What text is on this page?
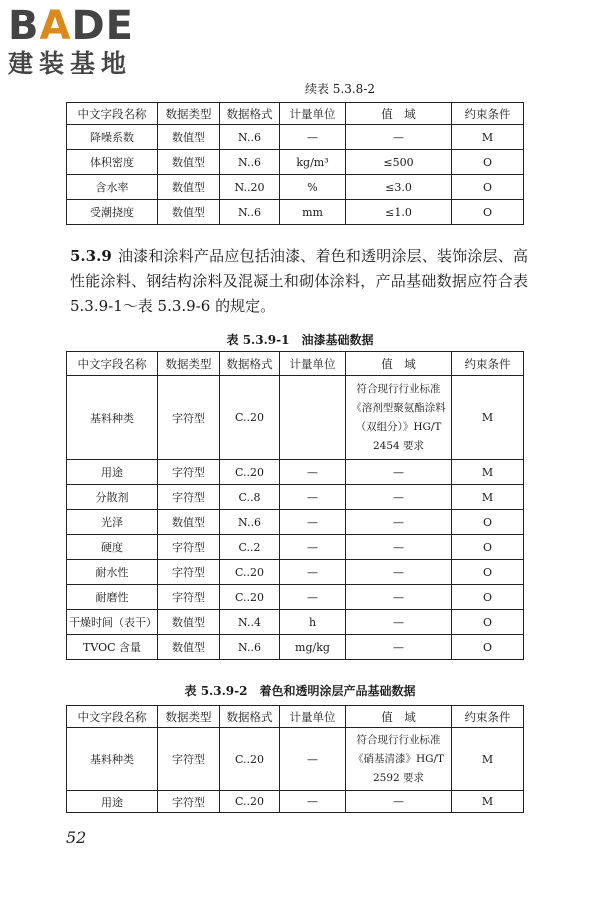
BADE
建装基地
续表 5.3.8-2
中文字段名称	数据类型	数据格式	计量单位	值　域	约束条件
降噪系数	数值型	N..6	—	—	M
体积密度	数值型	N..6	kg/m³	≤500	O
含水率	数值型	N..20	%	≤3.0	O
受潮挠度	数值型	N..6	mm	≤1.0	O
5.3.9 油漆和涂料产品应包括油漆、着色和透明涂层、装饰涂层、高性能涂料、钢结构涂料及混凝土和砌体涂料，产品基础数据应符合表 5.3.9-1～表 5.3.9-6 的规定。
表 5.3.9-1　油漆基础数据
中文字段名称	数据类型	数据格式	计量单位	值　域	约束条件
基料种类	字符型	C..20		符合现行行业标准
《溶剂型聚氨酯涂料
（双组分）》HG/T
2454 要求	M
用途	字符型	C..20	—	—	M
分散剂	字符型	C..8	—	—	M
光泽	数值型	N..6	—	—	O
硬度	字符型	C..2	—	—	O
耐水性	字符型	C..20	—	—	O
耐磨性	字符型	C..20	—	—	O
干燥时间（表干）	数值型	N..4	h	—	O
TVOC 含量	数值型	N..6	mg/kg	—	O
表 5.3.9-2　着色和透明涂层产品基础数据
中文字段名称	数据类型	数据格式	计量单位	值　域	约束条件
基料种类	字符型	C..20	—	符合现行行业标准
《硝基清漆》HG/T
2592 要求	M
用途	字符型	C..20	—	—	M
52
